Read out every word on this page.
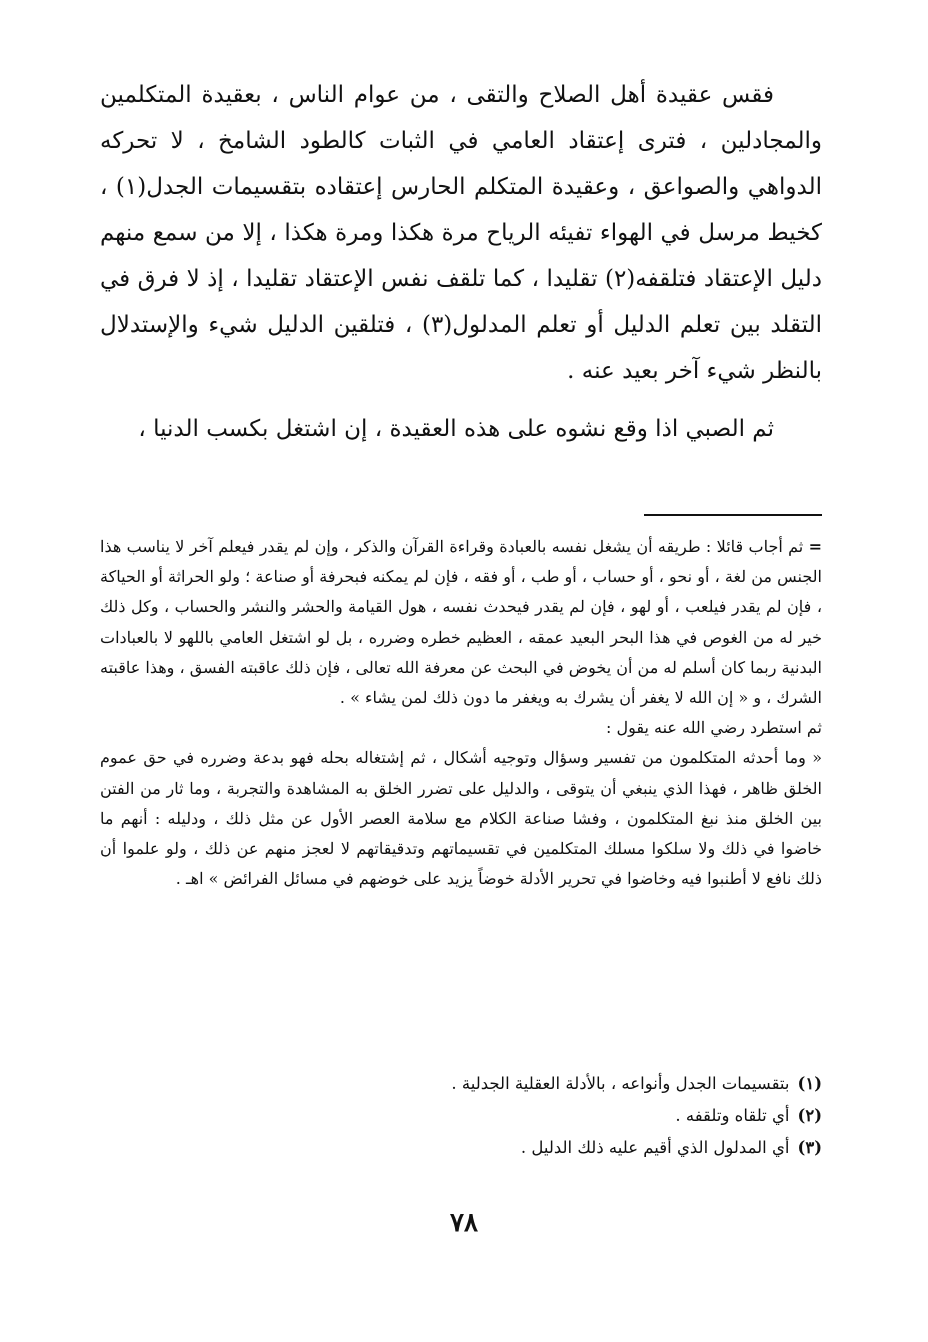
فقس عقيدة أهل الصلاح والتقى ، من عوام الناس ، بعقيدة المتكلمين والمجادلين ، فترى إعتقاد العامي في الثبات كالطود الشامخ ، لا تحركه الدواهي والصواعق ، وعقيدة المتكلم الحارس إعتقاده بتقسيمات الجدل(١) ، كخيط مرسل في الهواء تفيئه الرياح مرة هكذا ومرة هكذا ، إلا من سمع منهم دليل الإعتقاد فتلقفه(٢) تقليدا ، كما تلقف نفس الإعتقاد تقليدا ، إذ لا فرق في التقلد بين تعلم الدليل أو تعلم المدلول(٣) ، فتلقين الدليل شيء والإستدلال بالنظر شيء آخر بعيد عنه .

ثم الصبي اذا وقع نشوه على هذه العقيدة ، إن اشتغل بكسب الدنيا ،

= ثم أجاب قائلا : طريقه أن يشغل نفسه بالعبادة وقراءة القرآن والذكر ، وإن لم يقدر فيعلم آخر لا يناسب هذا الجنس من لغة ، أو نحو ، أو حساب ، أو طب ، أو فقه ، فإن لم يمكنه فبحرفة أو صناعة ؛ ولو الحراثة أو الحياكة ، فإن لم يقدر فيلعب ، أو لهو ، فإن لم يقدر فيحدث نفسه ، هول القيامة والحشر والنشر والحساب ، وكل ذلك خير له من الغوص في هذا البحر البعيد عمقه ، العظيم خطره وضرره ، بل لو اشتغل العامي باللهو لا بالعبادات البدنية ربما كان أسلم له من أن يخوض في البحث عن معرفة الله تعالى ، فإن ذلك عاقبته الفسق ، وهذا عاقبته الشرك ، و « إن الله لا يغفر أن يشرك به ويغفر ما دون ذلك لمن يشاء » .

ثم استطرد رضي الله عنه يقول :

« وما أحدثه المتكلمون من تفسير وسؤال وتوجيه أشكال ، ثم إشتغاله بحله فهو بدعة وضرره في حق عموم الخلق ظاهر ، فهذا الذي ينبغي أن يتوقى ، والدليل على تضرر الخلق به المشاهدة والتجربة ، وما ثار من الفتن بين الخلق منذ نبغ المتكلمون ، وفشا صناعة الكلام مع سلامة العصر الأول عن مثل ذلك ، ودليله : أنهم ما خاضوا في ذلك ولا سلكوا مسلك المتكلمين في تقسيماتهم وتدقيقاتهم لا لعجز منهم عن ذلك ، ولو علموا أن ذلك نافع لا أطنبوا فيه وخاضوا في تحرير الأدلة خوضاً يزيد على خوضهم في مسائل الفرائض » اهـ .

(١)
بتقسيمات الجدل وأنواعه ، بالأدلة العقلية الجدلية .
(٢)
أي تلقاه وتلقفه .
(٣)
أي المدلول الذي أقيم عليه ذلك الدليل .
٧٨
